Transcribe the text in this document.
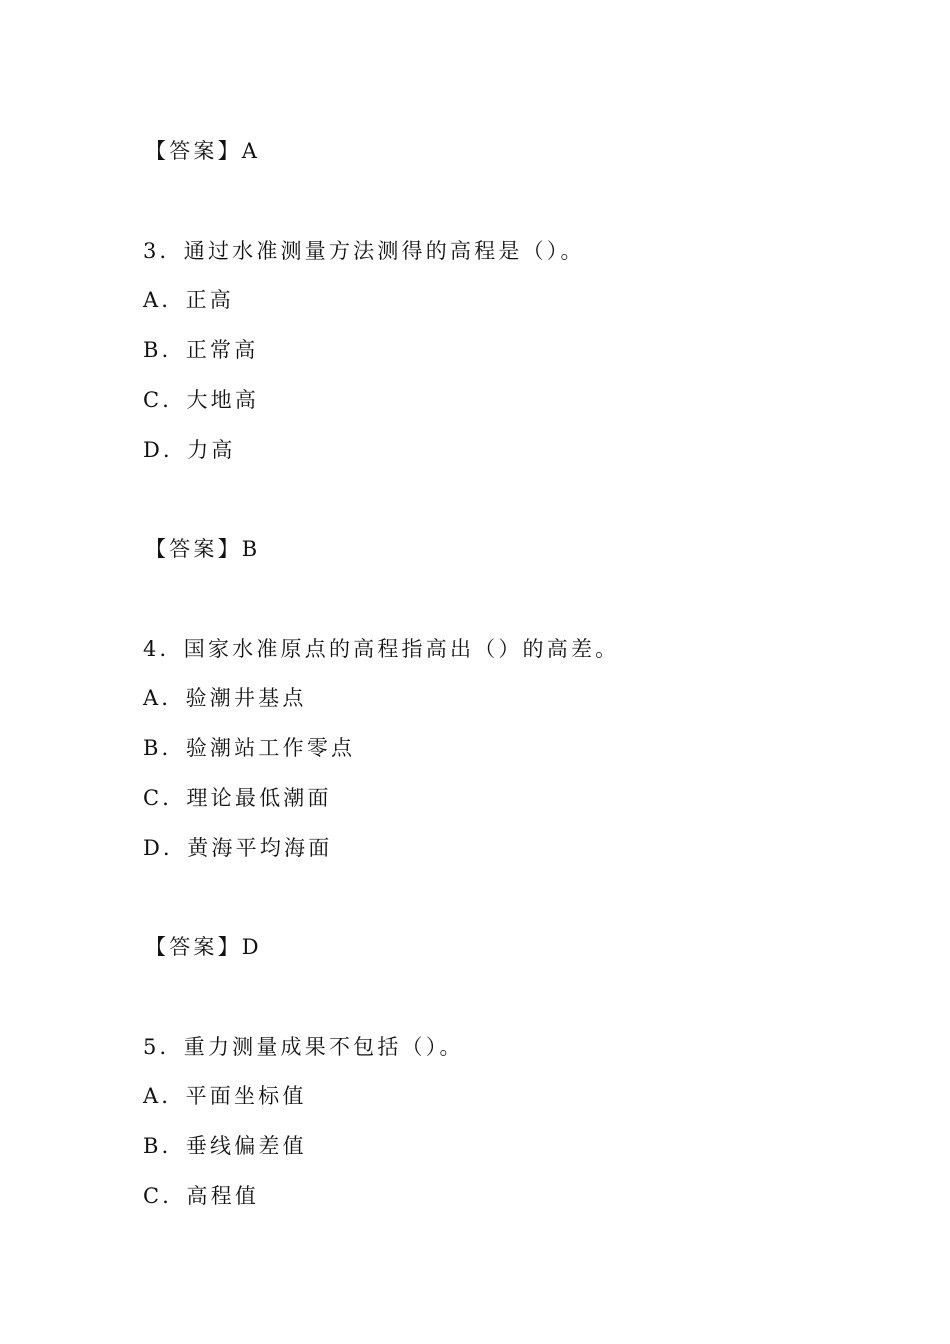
【答案】A
3．通过水准测量方法测得的高程是（）。
A．正高
B．正常高
C．大地高
D．力高
【答案】B
4．国家水准原点的高程指高出（）的高差。
A．验潮井基点
B．验潮站工作零点
C．理论最低潮面
D．黄海平均海面
【答案】D
5．重力测量成果不包括（）。
A．平面坐标值
B．垂线偏差值
C．高程值
